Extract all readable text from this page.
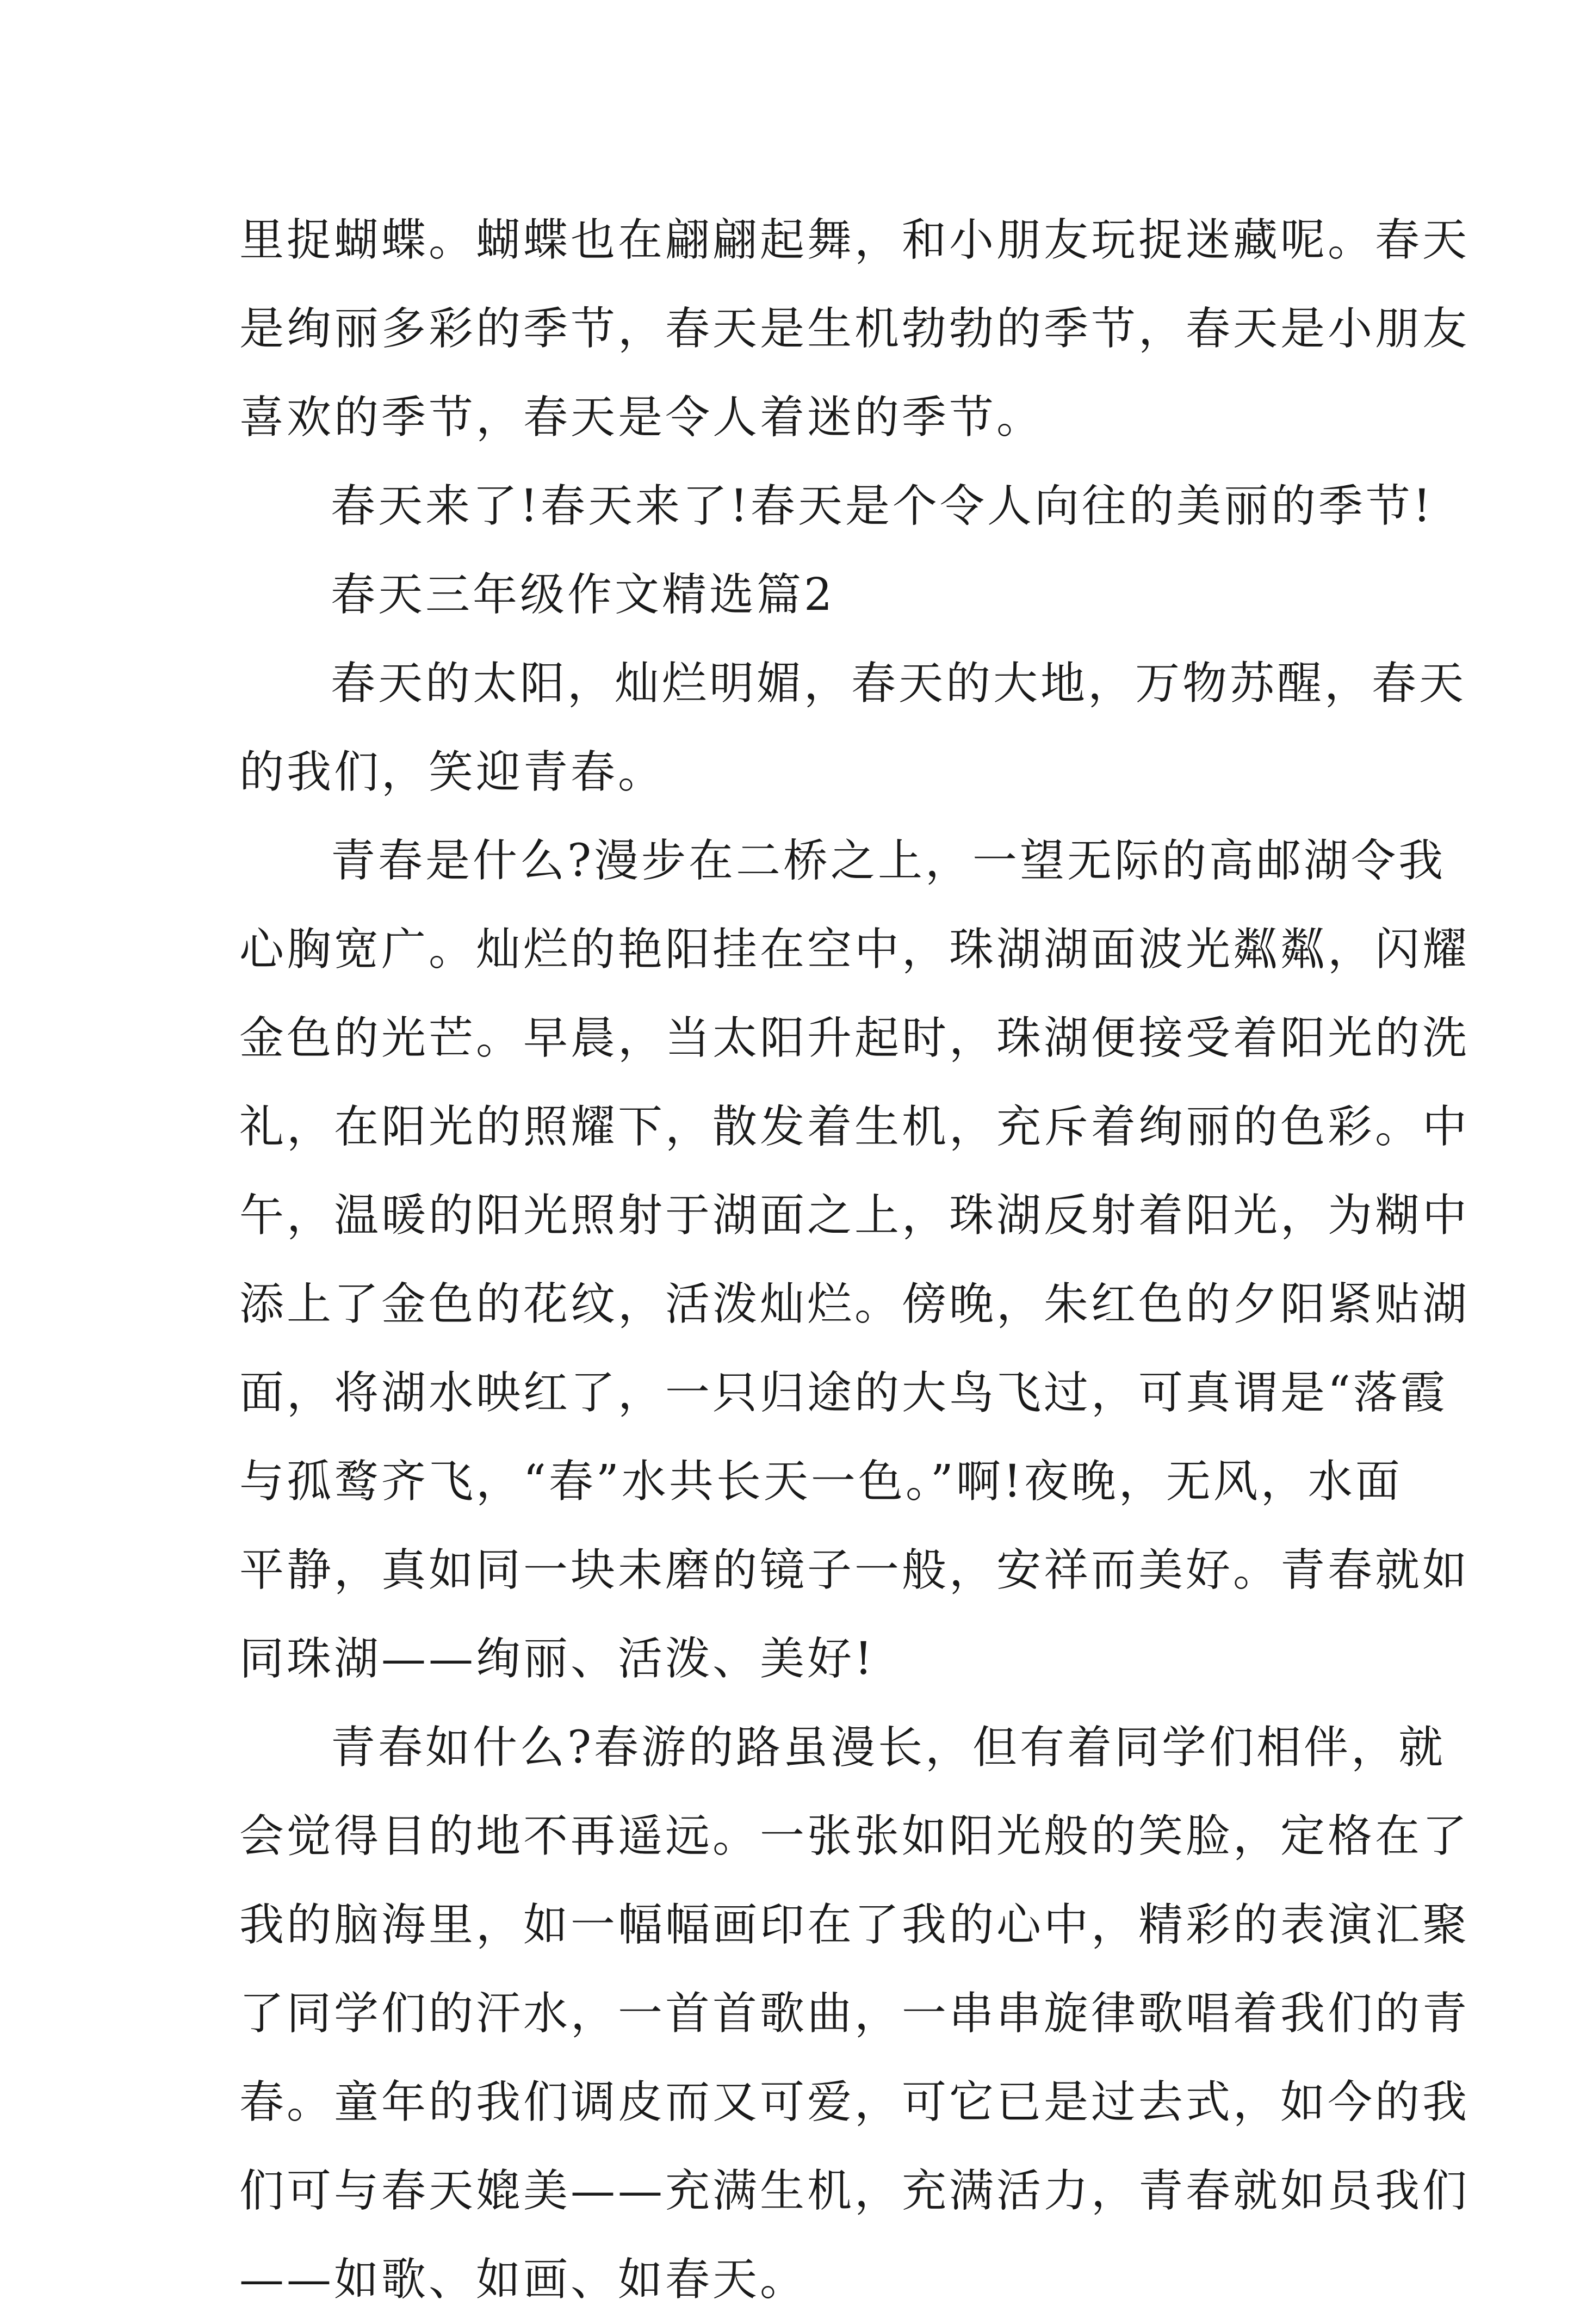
里捉蝴蝶。蝴蝶也在翩翩起舞，和小朋友玩捉迷藏呢。春天
是绚丽多彩的季节，春天是生机勃勃的季节，春天是小朋友
喜欢的季节，春天是令人着迷的季节。
春天来了!春天来了!春天是个令人向往的美丽的季节!
春天三年级作文精选篇2
春天的太阳，灿烂明媚，春天的大地，万物苏醒，春天
的我们，笑迎青春。
青春是什么?漫步在二桥之上，一望无际的高邮湖令我
心胸宽广。灿烂的艳阳挂在空中，珠湖湖面波光粼粼，闪耀
金色的光芒。早晨，当太阳升起时，珠湖便接受着阳光的洗
礼，在阳光的照耀下，散发着生机，充斥着绚丽的色彩。中
午，温暖的阳光照射于湖面之上，珠湖反射着阳光，为糊中
添上了金色的花纹，活泼灿烂。傍晚，朱红色的夕阳紧贴湖
面，将湖水映红了，一只归途的大鸟飞过，可真谓是“落霞
与孤鹜齐飞，“春”水共长天一色。”啊!夜晚，无风，水面
平静，真如同一块未磨的镜子一般，安祥而美好。青春就如
同珠湖——绚丽、活泼、美好!
青春如什么?春游的路虽漫长，但有着同学们相伴，就
会觉得目的地不再遥远。一张张如阳光般的笑脸，定格在了
我的脑海里，如一幅幅画印在了我的心中，精彩的表演汇聚
了同学们的汗水，一首首歌曲，一串串旋律歌唱着我们的青
春。童年的我们调皮而又可爱，可它已是过去式，如今的我
们可与春天媲美——充满生机，充满活力，青春就如员我们
——如歌、如画、如春天。
